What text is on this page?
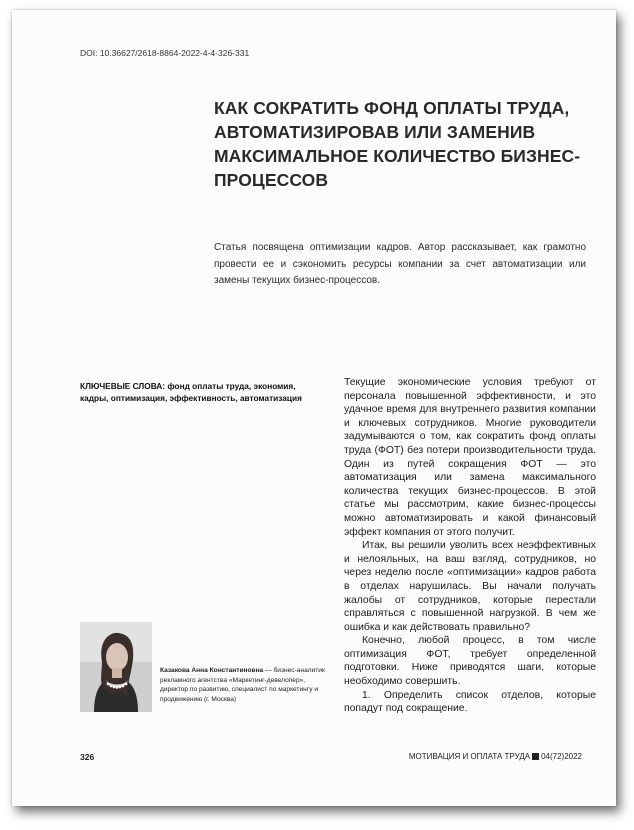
DOI: 10.36627/2618-8864-2022-4-4-326-331
КАК СОКРАТИТЬ ФОНД ОПЛАТЫ ТРУДА,
АВТОМАТИЗИРОВАВ ИЛИ ЗАМЕНИВ
МАКСИМАЛЬНОЕ КОЛИЧЕСТВО БИЗНЕС-
ПРОЦЕССОВ
Статья посвящена оптимизации кадров. Автор рассказывает, как грамотно провести ее и сэкономить ресурсы компании за счет автоматизации или замены текущих бизнес-процессов.
КЛЮЧЕВЫЕ СЛОВА: фонд оплаты труда, экономия, кадры, оптимизация, эффективность, автоматизация

Текущие экономические условия требуют от персонала повышенной эффективности, и это удачное время для внутреннего развития компании и ключевых сотрудников. Многие руководители задумываются о том, как сократить фонд оплаты труда (ФОТ) без потери производительности труда. Один из путей сокращения ФОТ — это автоматизация или замена максимального количества текущих бизнес-процессов. В этой статье мы рассмотрим, какие бизнес-процессы можно автоматизировать и какой финансовый эффект компания от этого получит.

Итак, вы решили уволить всех неэффективных и нелояльных, на ваш взгляд, сотрудников, но через неделю после «оптимизации» кадров работа в отделах нарушилась. Вы начали получать жалобы от сотрудников, которые перестали справляться с повышенной нагрузкой. В чем же ошибка и как действовать правильно?

Конечно, любой процесс, в том числе оптимизация ФОТ, требует определенной подготовки. Ниже приводятся шаги, которые необходимо совершить.

1. Определить список отделов, которые попадут под сокращение.

Казакова Анна Константиновна — бизнес-аналитик рекламного агентства «Маркетинг-девелопер», директор по развитию, специалист по маркетингу и продвижению (г. Москва)
326	МОТИВАЦИЯ И ОПЛАТА ТРУДА 04(72)2022
